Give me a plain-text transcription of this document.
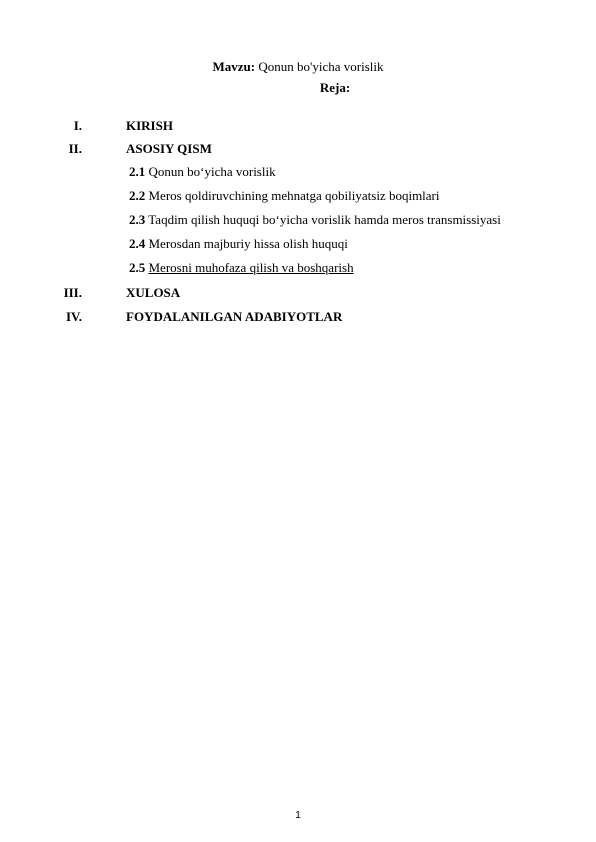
Mavzu: Qonun bo'yicha vorislik
Reja:
I.	KIRISH
II.	ASOSIY QISM
2.1 Qonun bo‘yicha vorislik
2.2 Meros qoldiruvchining mehnatga qobiliyatsiz boqimlari
2.3 Taqdim qilish huquqi bo‘yicha vorislik hamda meros transmissiyasi
2.4 Merosdan majburiy hissa olish huquqi
2.5 Merosni muhofaza qilish va boshqarish
III.	XULOSA
IV.	FOYDALANILGAN ADABIYOTLAR
1
